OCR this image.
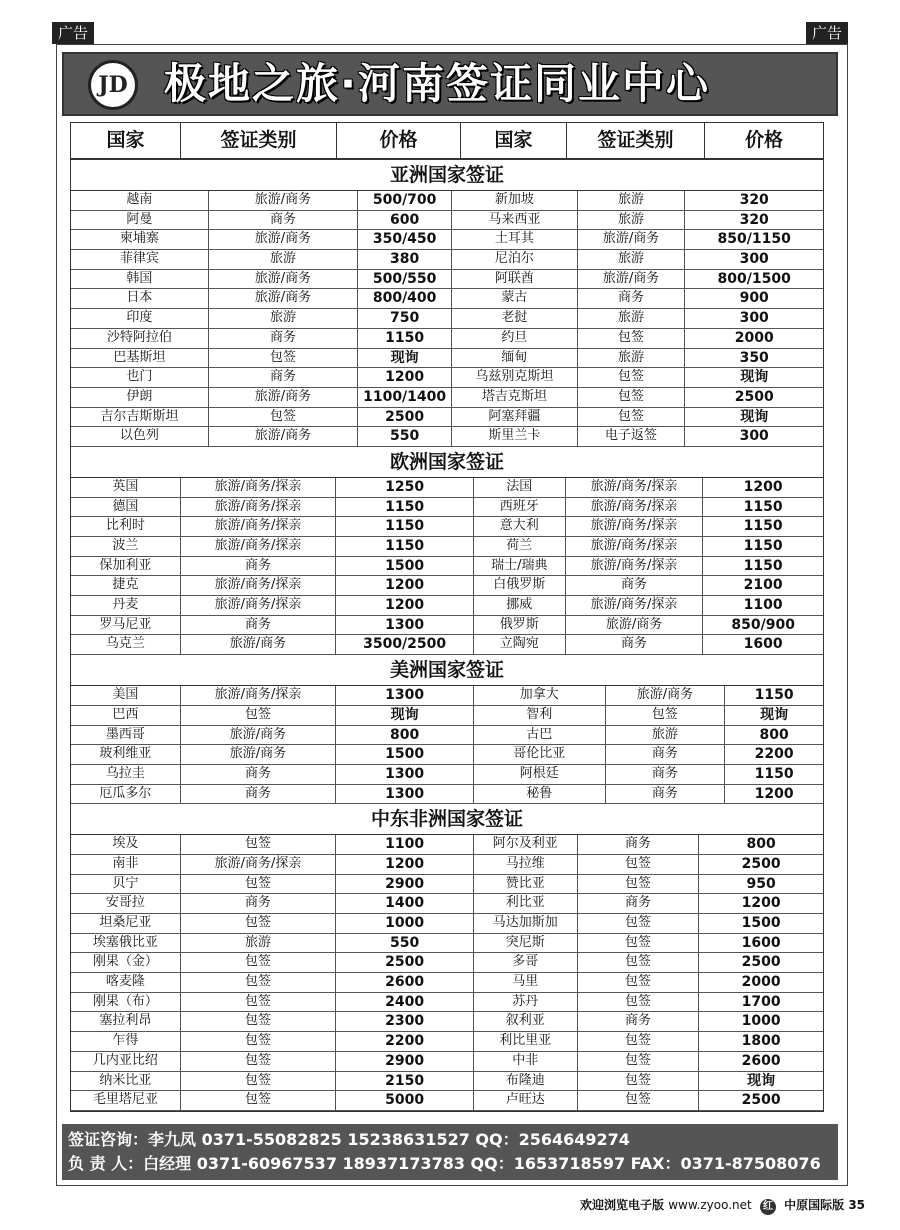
广告	广告
JD 极地之旅·河南签证同业中心
国家	签证类别	价格	国家	签证类别	价格
亚洲国家签证
越南	旅游/商务	500/700	新加坡	旅游	320
阿曼	商务	600	马来西亚	旅游	320
柬埔寨	旅游/商务	350/450	土耳其	旅游/商务	850/1150
菲律宾	旅游	380	尼泊尔	旅游	300
韩国	旅游/商务	500/550	阿联酋	旅游/商务	800/1500
日本	旅游/商务	800/400	蒙古	商务	900
印度	旅游	750	老挝	旅游	300
沙特阿拉伯	商务	1150	约旦	包签	2000
巴基斯坦	包签	现询	缅甸	旅游	350
也门	商务	1200	乌兹别克斯坦	包签	现询
伊朗	旅游/商务	1100/1400	塔吉克斯坦	包签	2500
吉尔吉斯斯坦	包签	2500	阿塞拜疆	包签	现询
以色列	旅游/商务	550	斯里兰卡	电子返签	300
欧洲国家签证
英国	旅游/商务/探亲	1250	法国	旅游/商务/探亲	1200
德国	旅游/商务/探亲	1150	西班牙	旅游/商务/探亲	1150
比利时	旅游/商务/探亲	1150	意大利	旅游/商务/探亲	1150
波兰	旅游/商务/探亲	1150	荷兰	旅游/商务/探亲	1150
保加利亚	商务	1500	瑞士/瑞典	旅游/商务/探亲	1150
捷克	旅游/商务/探亲	1200	白俄罗斯	商务	2100
丹麦	旅游/商务/探亲	1200	挪威	旅游/商务/探亲	1100
罗马尼亚	商务	1300	俄罗斯	旅游/商务	850/900
乌克兰	旅游/商务	3500/2500	立陶宛	商务	1600
美洲国家签证
美国	旅游/商务/探亲	1300	加拿大	旅游/商务	1150
巴西	包签	现询	智利	包签	现询
墨西哥	旅游/商务	800	古巴	旅游	800
玻利维亚	旅游/商务	1500	哥伦比亚	商务	2200
乌拉圭	商务	1300	阿根廷	商务	1150
厄瓜多尔	商务	1300	秘鲁	商务	1200
中东非洲国家签证
埃及	包签	1100	阿尔及利亚	商务	800
南非	旅游/商务/探亲	1200	马拉维	包签	2500
贝宁	包签	2900	赞比亚	包签	950
安哥拉	商务	1400	利比亚	商务	1200
坦桑尼亚	包签	1000	马达加斯加	包签	1500
埃塞俄比亚	旅游	550	突尼斯	包签	1600
刚果（金）	包签	2500	多哥	包签	2500
喀麦隆	包签	2600	马里	包签	2000
刚果（布）	包签	2400	苏丹	包签	1700
塞拉利昂	包签	2300	叙利亚	商务	1000
乍得	包签	2200	利比里亚	包签	1800
几内亚比绍	包签	2900	中非	包签	2600
纳米比亚	包签	2150	布隆迪	包签	现询
毛里塔尼亚	包签	5000	卢旺达	包签	2500
签证咨询：李九凤 0371-55082825 15238631527 QQ：2564649274
负 责 人：白经理 0371-60967537 18937173783 QQ：1653718597 FAX：0371-87508076
欢迎浏览电子版 www.zyoo.net 红 中原国际版 35
